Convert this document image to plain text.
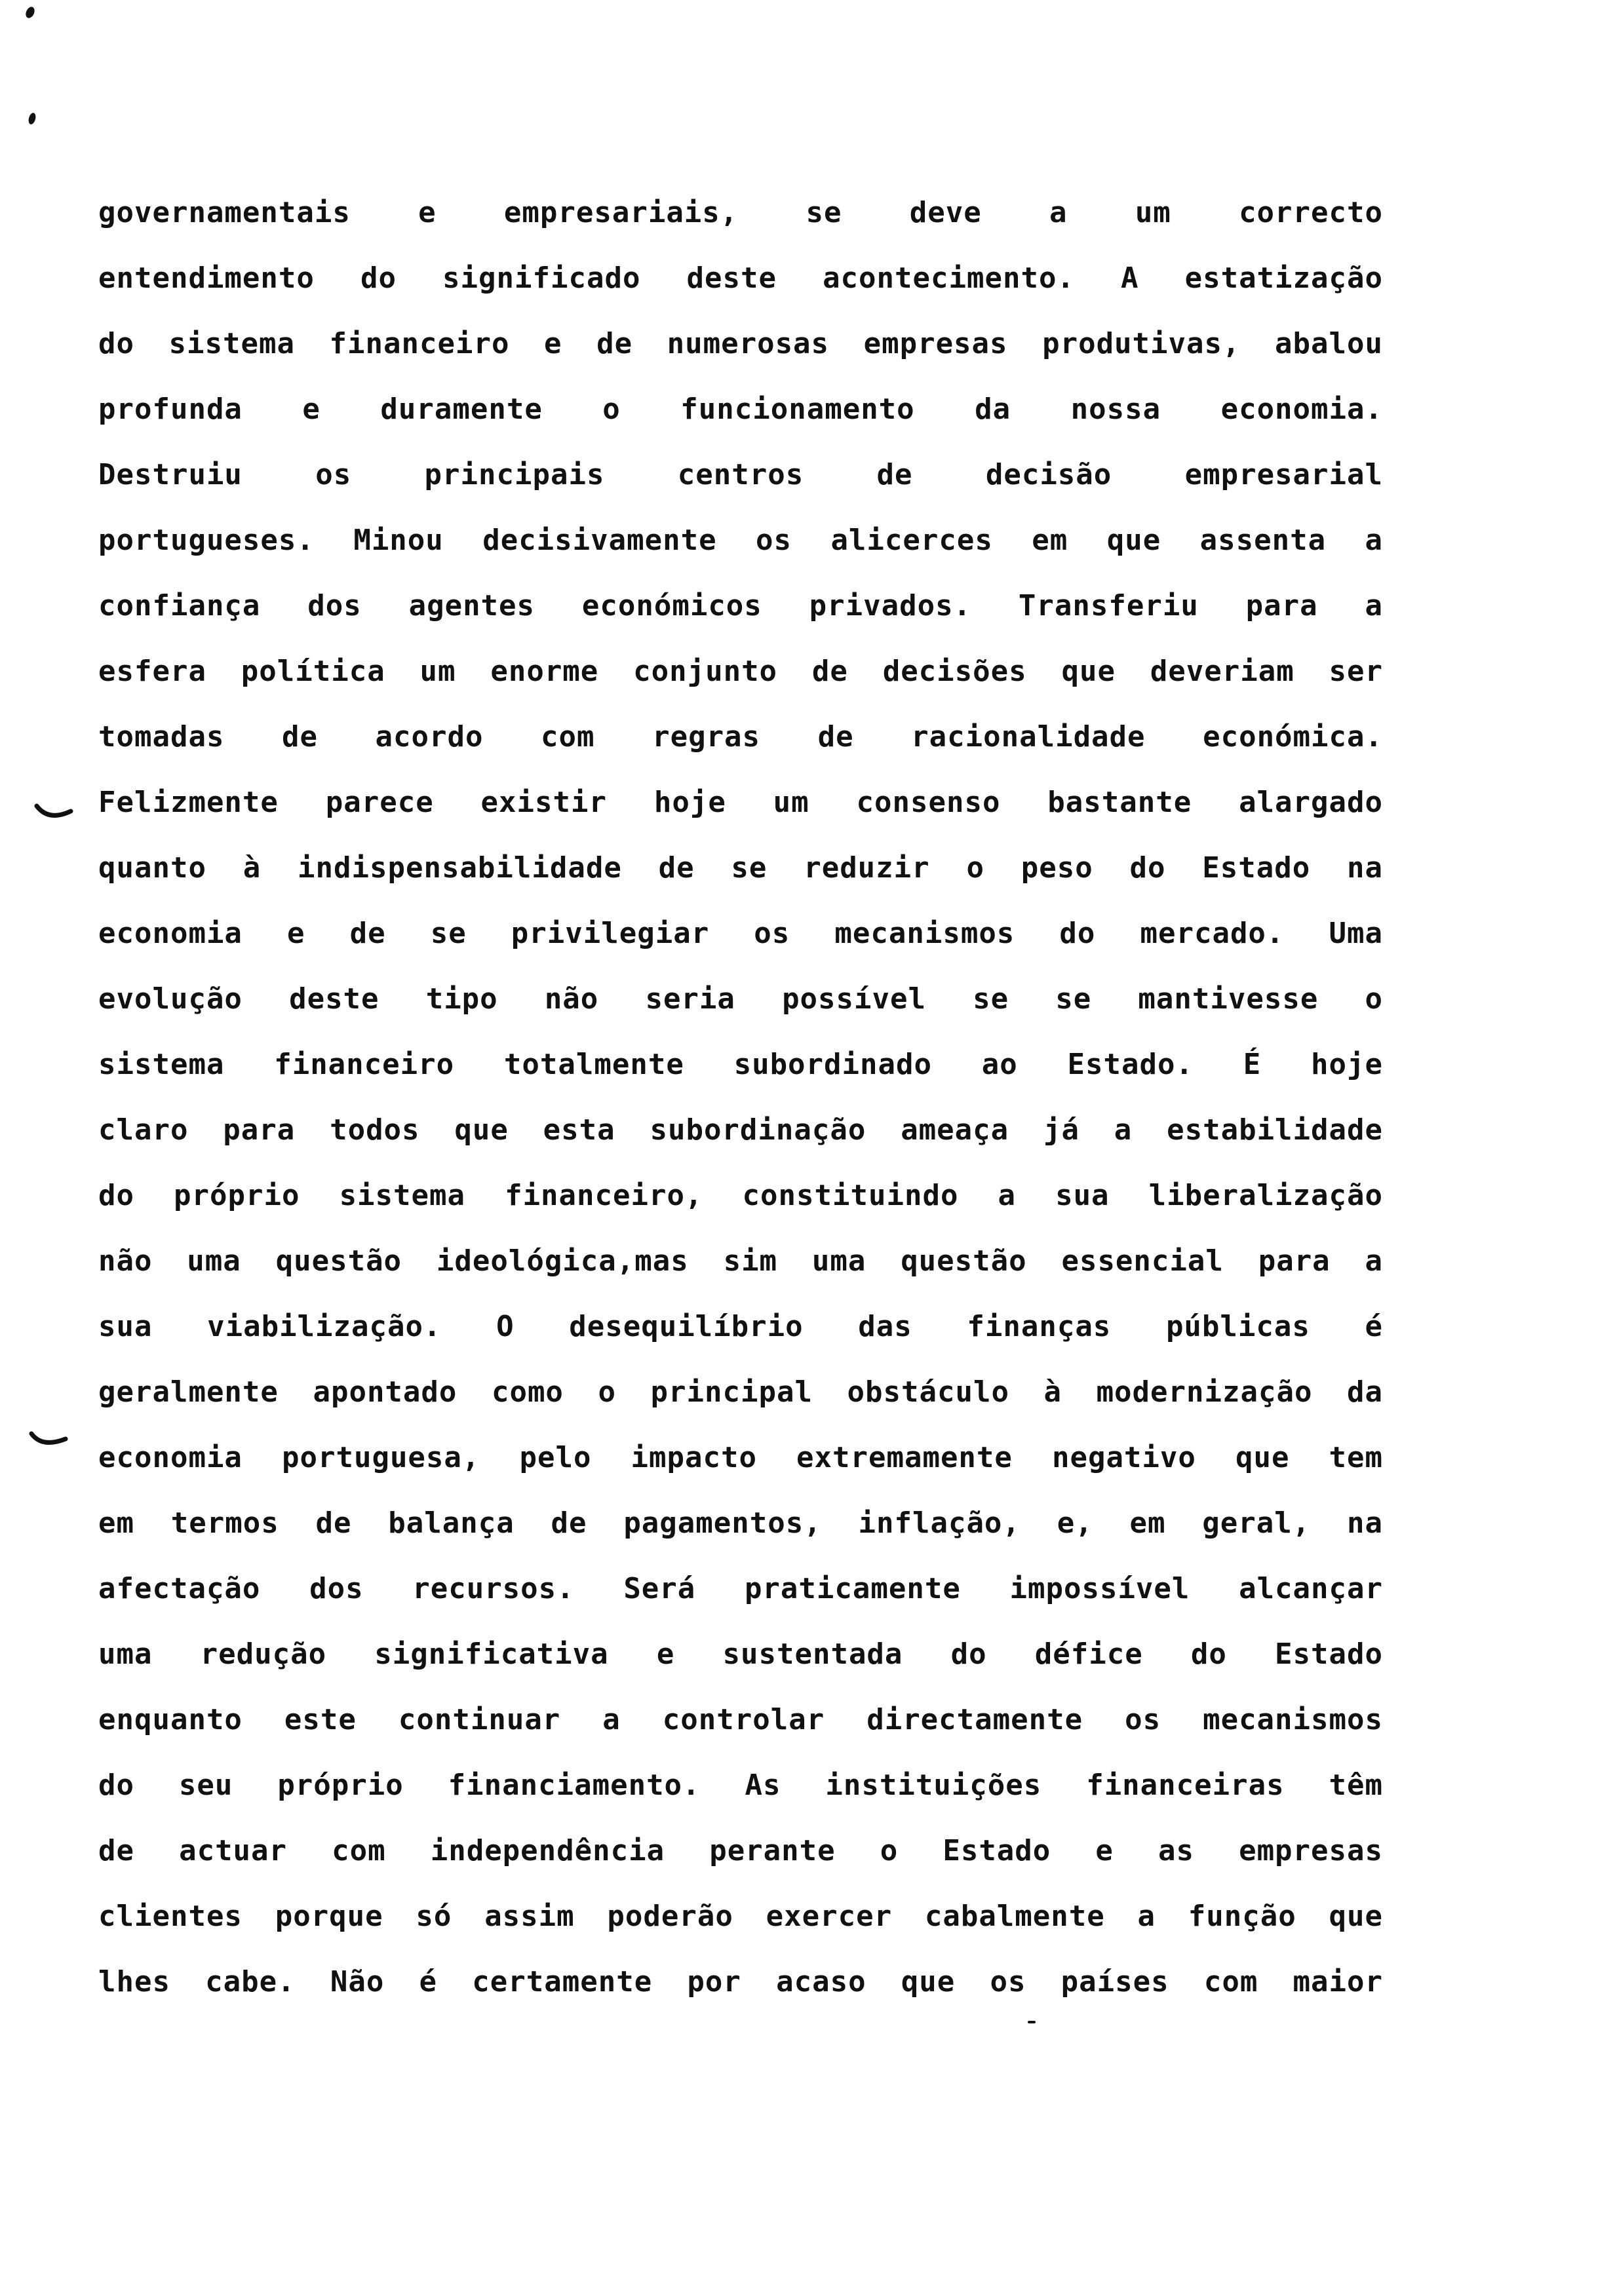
governamentais e empresariais, se deve a um correcto
entendimento do significado deste acontecimento. A estatização
do sistema financeiro e de numerosas empresas produtivas, abalou
profunda e duramente o funcionamento da nossa economia.
Destruiu os principais centros de decisão empresarial
portugueses. Minou decisivamente os alicerces em que assenta a
confiança dos agentes económicos privados. Transferiu para a
esfera política um enorme conjunto de decisões que deveriam ser
tomadas de acordo com regras de racionalidade económica.
Felizmente parece existir hoje um consenso bastante alargado
quanto à indispensabilidade de se reduzir o peso do Estado na
economia e de se privilegiar os mecanismos do mercado. Uma
evolução deste tipo não seria possível se se mantivesse o
sistema financeiro totalmente subordinado ao Estado. É hoje
claro para todos que esta subordinação ameaça já a estabilidade
do próprio sistema financeiro, constituindo a sua liberalização
não uma questão ideológica,mas sim uma questão essencial para a
sua viabilização. O desequilíbrio das finanças públicas é
geralmente apontado como o principal obstáculo à modernização da
economia portuguesa, pelo impacto extremamente negativo que tem
em termos de balança de pagamentos, inflação, e, em geral, na
afectação dos recursos. Será praticamente impossível alcançar
uma redução significativa e sustentada do défice do Estado
enquanto este continuar a controlar directamente os mecanismos
do seu próprio financiamento. As instituições financeiras têm
de actuar com independência perante o Estado e as empresas
clientes porque só assim poderão exercer cabalmente a função que
lhes cabe. Não é certamente por acaso que os países com maior
